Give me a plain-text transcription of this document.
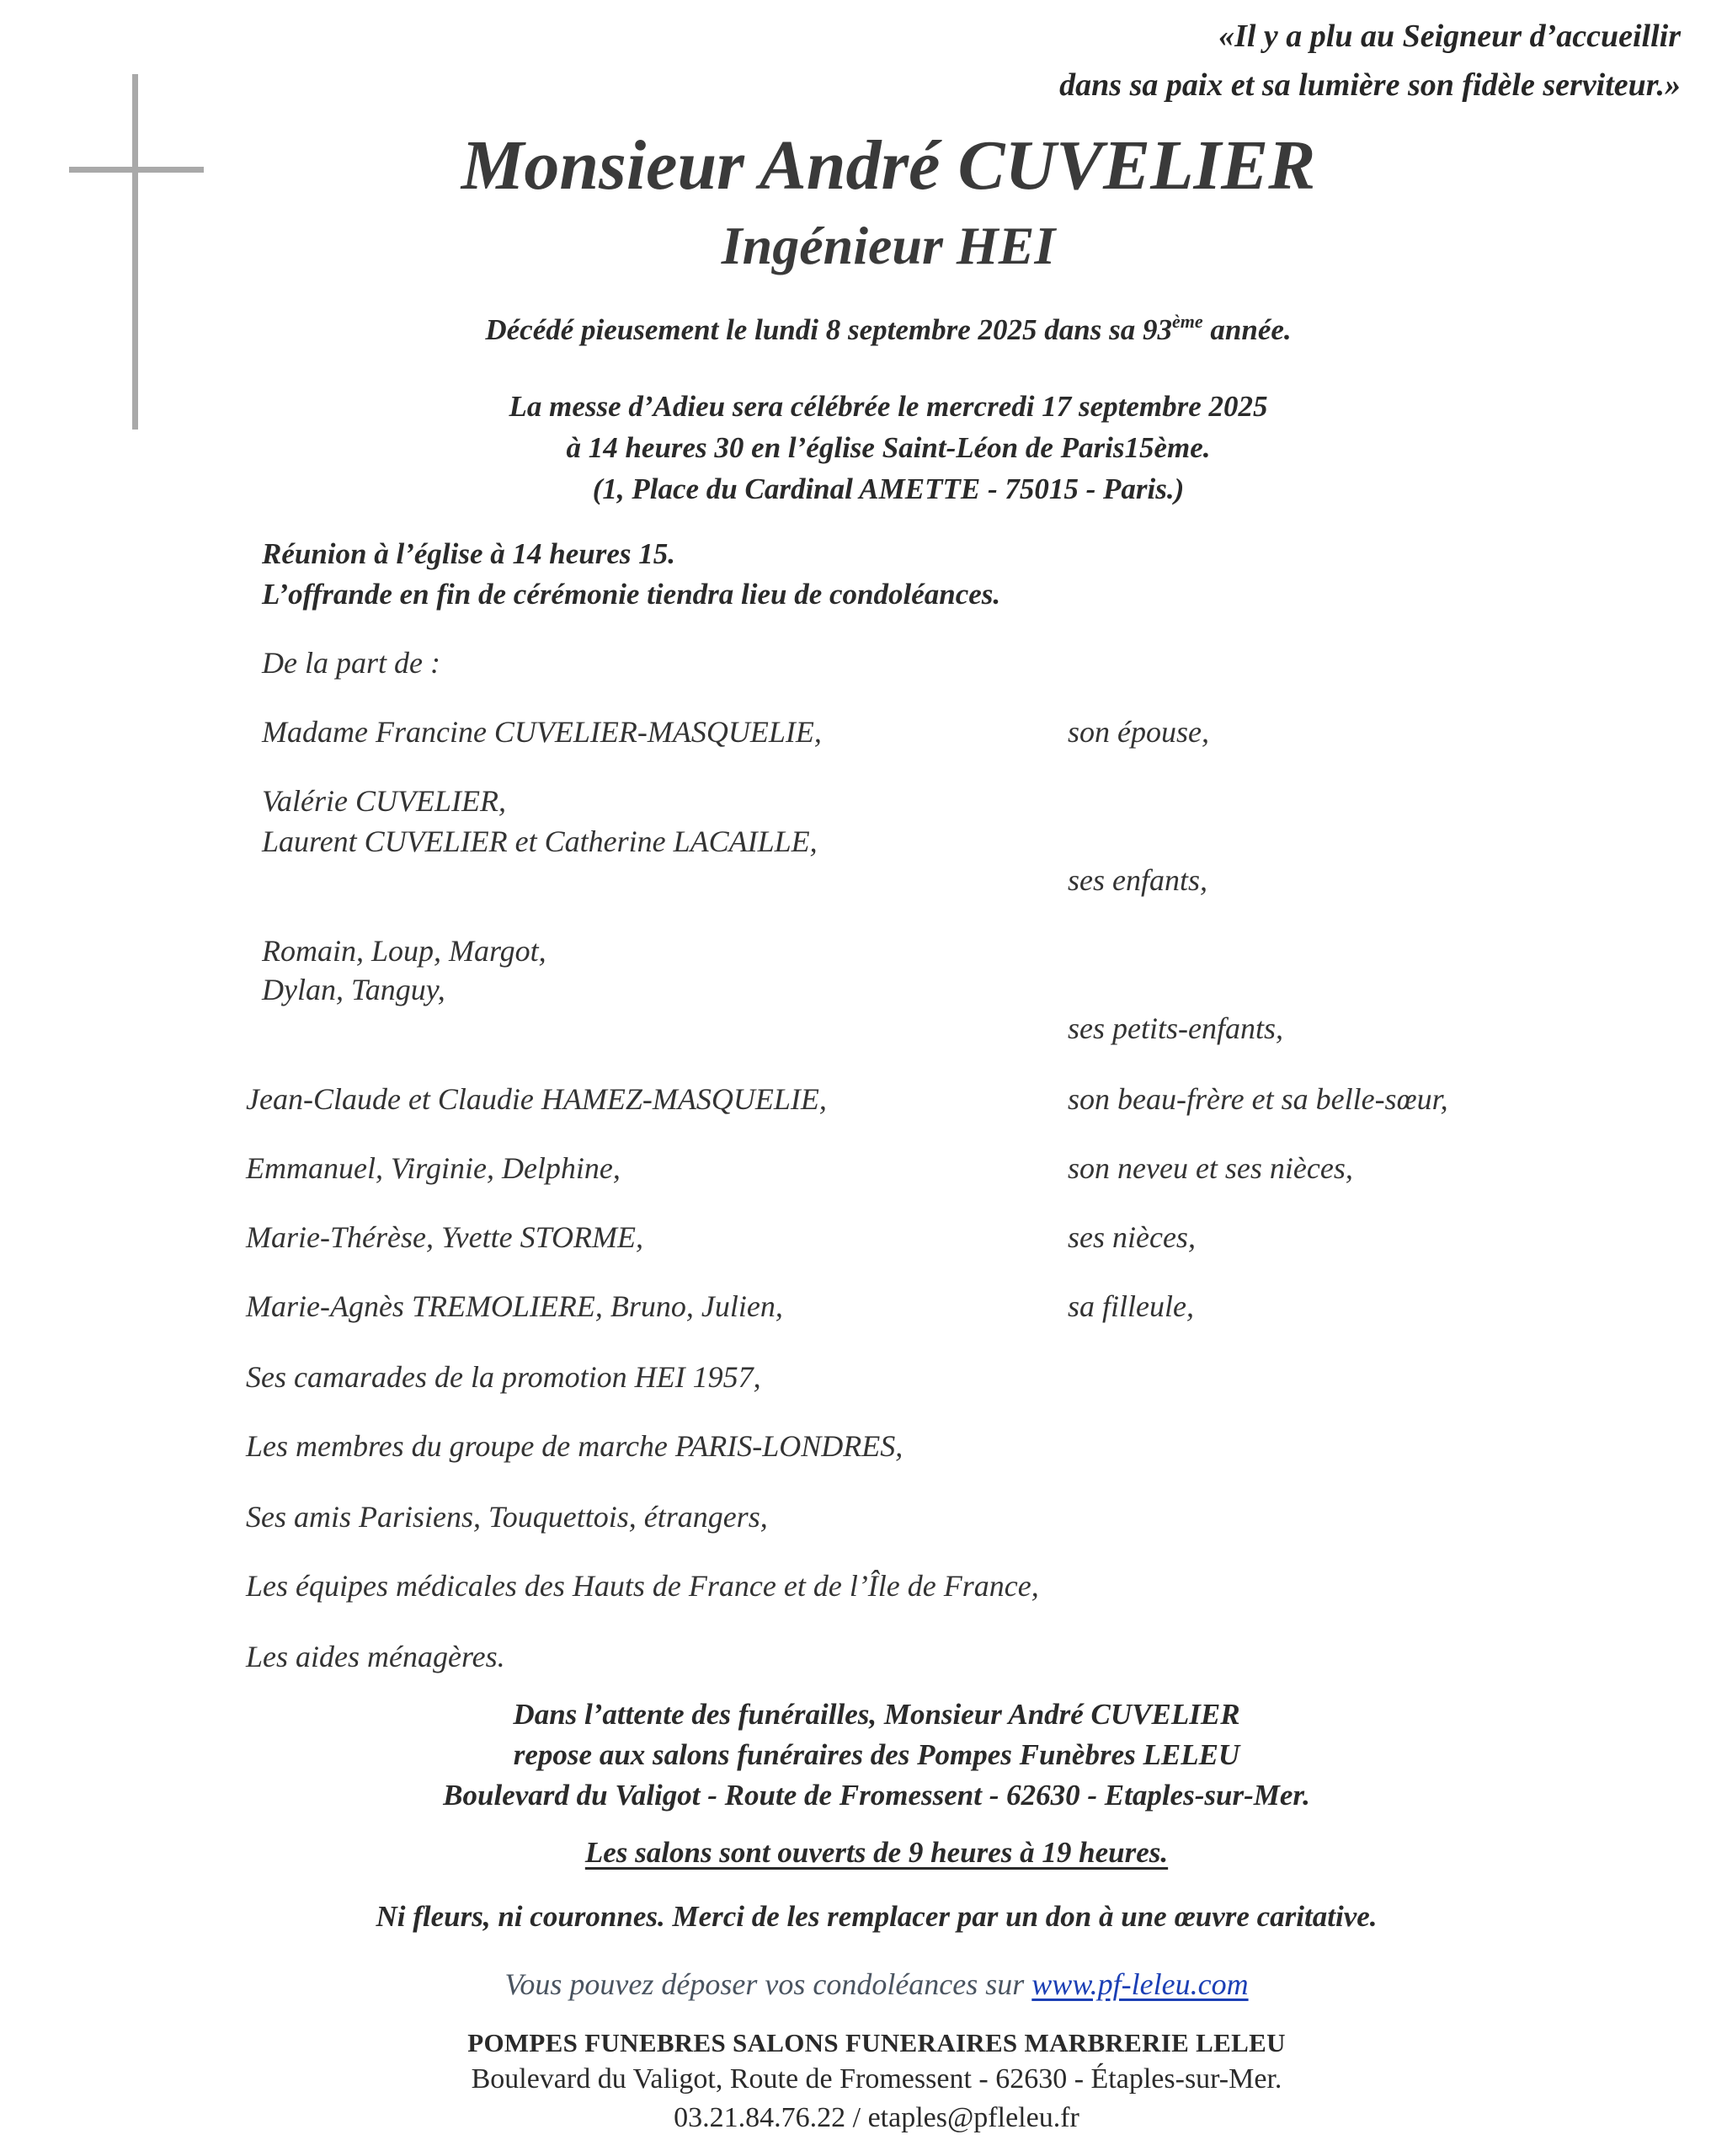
«Il y a plu au Seigneur d’accueillir
dans sa paix et sa lumière son fidèle serviteur.»
Monsieur André CUVELIER
Ingénieur HEI
Décédé pieusement le lundi 8 septembre 2025 dans sa 93ème année.
La messe d’Adieu sera célébrée le mercredi 17 septembre 2025
à 14 heures 30 en l’église Saint-Léon de Paris15ème.
(1, Place du Cardinal AMETTE - 75015 - Paris.)
Réunion à l’église à 14 heures 15.
L’offrande en fin de cérémonie tiendra lieu de condoléances.
De la part de :
Madame Francine CUVELIER-MASQUELIE,	son épouse,
Valérie CUVELIER,
Laurent CUVELIER et Catherine LACAILLE,
ses enfants,
Romain, Loup, Margot,
Dylan, Tanguy,
ses petits-enfants,
Jean-Claude et Claudie HAMEZ-MASQUELIE,	son beau-frère et sa belle-sœur,
Emmanuel, Virginie, Delphine,	son neveu et ses nièces,
Marie-Thérèse, Yvette STORME,	ses nièces,
Marie-Agnès TREMOLIERE, Bruno, Julien,	sa filleule,
Ses camarades de la promotion HEI 1957,
Les membres du groupe de marche PARIS-LONDRES,
Ses amis Parisiens, Touquettois, étrangers,
Les équipes médicales des Hauts de France et de l’Île de France,
Les aides ménagères.
Dans l’attente des funérailles, Monsieur André CUVELIER
repose aux salons funéraires des Pompes Funèbres LELEU
Boulevard du Valigot - Route de Fromessent - 62630 - Etaples-sur-Mer.
Les salons sont ouverts de 9 heures à 19 heures.
Ni fleurs, ni couronnes. Merci de les remplacer par un don à une œuvre caritative.
Vous pouvez déposer vos condoléances sur www.pf-leleu.com
POMPES FUNEBRES SALONS FUNERAIRES MARBRERIE LELEU
Boulevard du Valigot, Route de Fromessent - 62630 - Étaples-sur-Mer.
03.21.84.76.22 / etaples@pfleleu.fr
